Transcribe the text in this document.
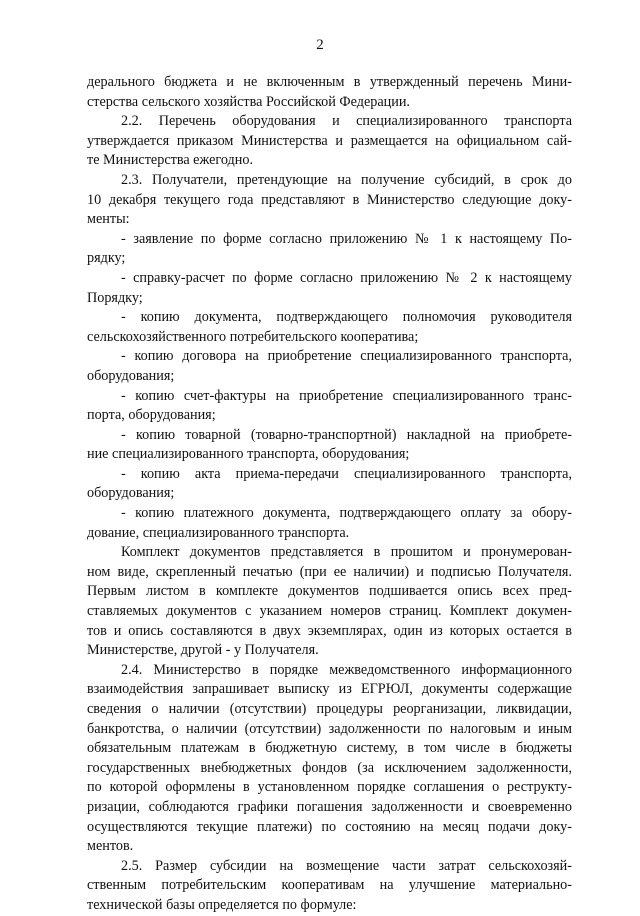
2
дерального бюджета и не включенным в утвержденный перечень Мини-
стерства сельского хозяйства Российской Федерации.
2.2. Перечень оборудования и специализированного транспорта
утверждается приказом Министерства и размещается на официальном сай-
те Министерства ежегодно.
2.3. Получатели, претендующие на получение субсидий, в срок до
10 декабря текущего года представляют в Министерство следующие доку-
менты:
- заявление по форме согласно приложению № 1 к настоящему По-
рядку;
- справку-расчет по форме согласно приложению № 2 к настоящему
Порядку;
- копию документа, подтверждающего полномочия руководителя
сельскохозяйственного потребительского кооператива;
- копию договора на приобретение специализированного транспорта,
оборудования;
- копию счет-фактуры на приобретение специализированного транс-
порта, оборудования;
- копию товарной (товарно-транспортной) накладной на приобрете-
ние специализированного транспорта, оборудования;
- копию акта приема-передачи специализированного транспорта,
оборудования;
- копию платежного документа, подтверждающего оплату за обору-
дование, специализированного транспорта.
Комплект документов представляется в прошитом и пронумерован-
ном виде, скрепленный печатью (при ее наличии) и подписью Получателя.
Первым листом в комплекте документов подшивается опись всех пред-
ставляемых документов с указанием номеров страниц. Комплект докумен-
тов и опись составляются в двух экземплярах, один из которых остается в
Министерстве, другой - у Получателя.
2.4. Министерство в порядке межведомственного информационного
взаимодействия запрашивает выписку из ЕГРЮЛ, документы содержащие
сведения о наличии (отсутствии) процедуры реорганизации, ликвидации,
банкротства, о наличии (отсутствии) задолженности по налоговым и иным
обязательным платежам в бюджетную систему, в том числе в бюджеты
государственных внебюджетных фондов (за исключением задолженности,
по которой оформлены в установленном порядке соглашения о реструкту-
ризации, соблюдаются графики погашения задолженности и своевременно
осуществляются текущие платежи) по состоянию на месяц подачи доку-
ментов.
2.5. Размер субсидии на возмещение части затрат сельскохозяй-
ственным потребительским кооперативам на улучшение материально-
технической базы определяется по формуле:
